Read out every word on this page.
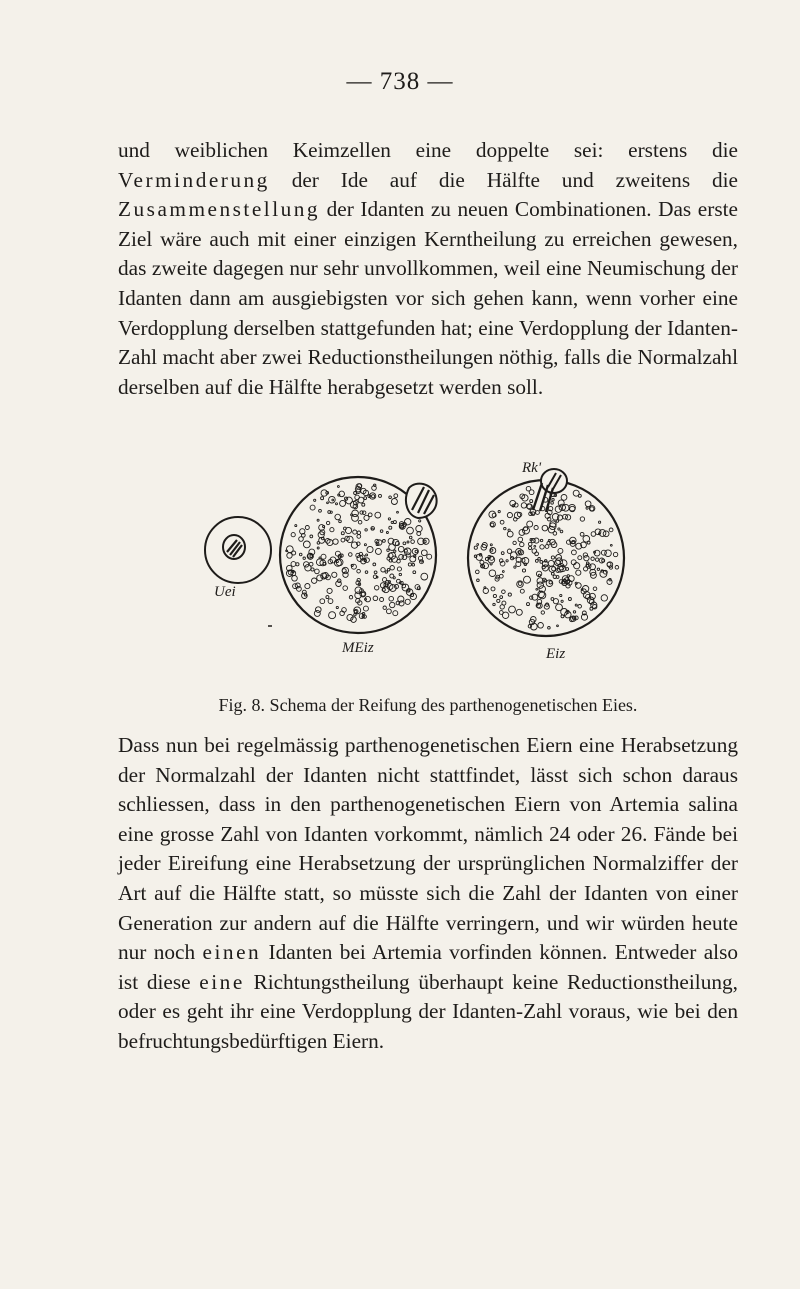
— 738 —

und weiblichen Keimzellen eine doppelte sei: erstens die Verminderung der Ide auf die Hälfte und zweitens die Zusammenstellung der Idanten zu neuen Combinationen. Das erste Ziel wäre auch mit einer einzigen Kerntheilung zu erreichen gewesen, das zweite dagegen nur sehr unvollkommen, weil eine Neumischung der Idanten dann am ausgiebigsten vor sich gehen kann, wenn vorher eine Verdopplung derselben stattgefunden hat; eine Verdopplung der Idanten-Zahl macht aber zwei Reductionstheilungen nöthig, falls die Normalzahl derselben auf die Hälfte herabgesetzt werden soll.

Uei
MEiz	Eiz
Rk'
Fig. 8. Schema der Reifung des parthenogenetischen Eies.

Dass nun bei regelmässig parthenogenetischen Eiern eine Herabsetzung der Normalzahl der Idanten nicht stattfindet, lässt sich schon daraus schliessen, dass in den parthenogenetischen Eiern von Artemia salina eine grosse Zahl von Idanten vorkommt, nämlich 24 oder 26. Fände bei jeder Eireifung eine Herabsetzung der ursprünglichen Normalziffer der Art auf die Hälfte statt, so müsste sich die Zahl der Idanten von einer Generation zur andern auf die Hälfte verringern, und wir würden heute nur noch einen Idanten bei Artemia vorfinden können. Entweder also ist diese eine Richtungstheilung überhaupt keine Reductionstheilung, oder es geht ihr eine Verdopplung der Idanten-Zahl voraus, wie bei den befruchtungsbedürftigen Eiern.
